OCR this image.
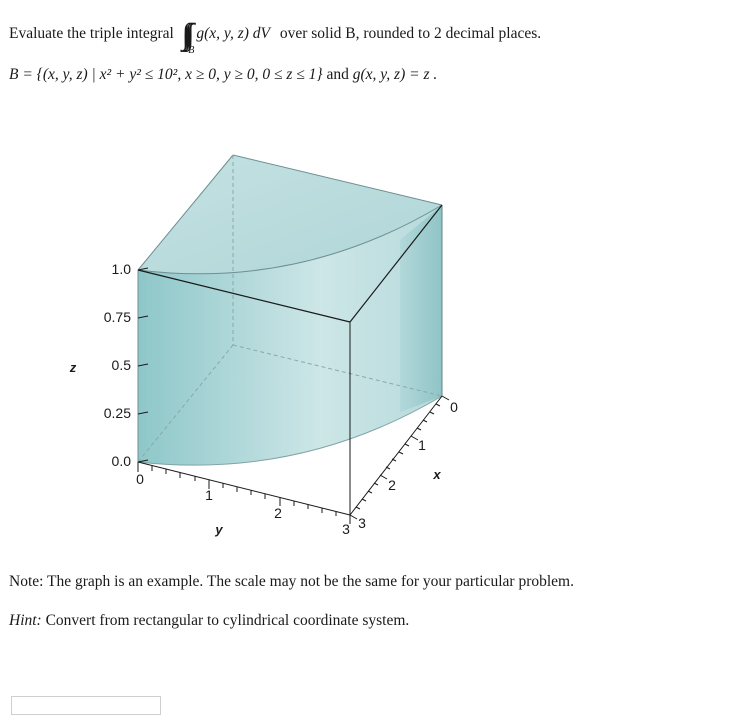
Evaluate the triple integral ∫∫∫ B
g(x, y, z) dV over solid B, rounded to 2 decimal places.
B = {(x, y, z) | x² + y² ≤ 10², x ≥ 0, y ≥ 0, 0 ≤ z ≤ 1} and g(x, y, z) = z .
1.0
0.75
0.5
0.25
0.0
z
0
1
2
3
y
0
1
2
3
x
Note: The graph is an example. The scale may not be the same for your particular problem.
Hint: Convert from rectangular to cylindrical coordinate system.
